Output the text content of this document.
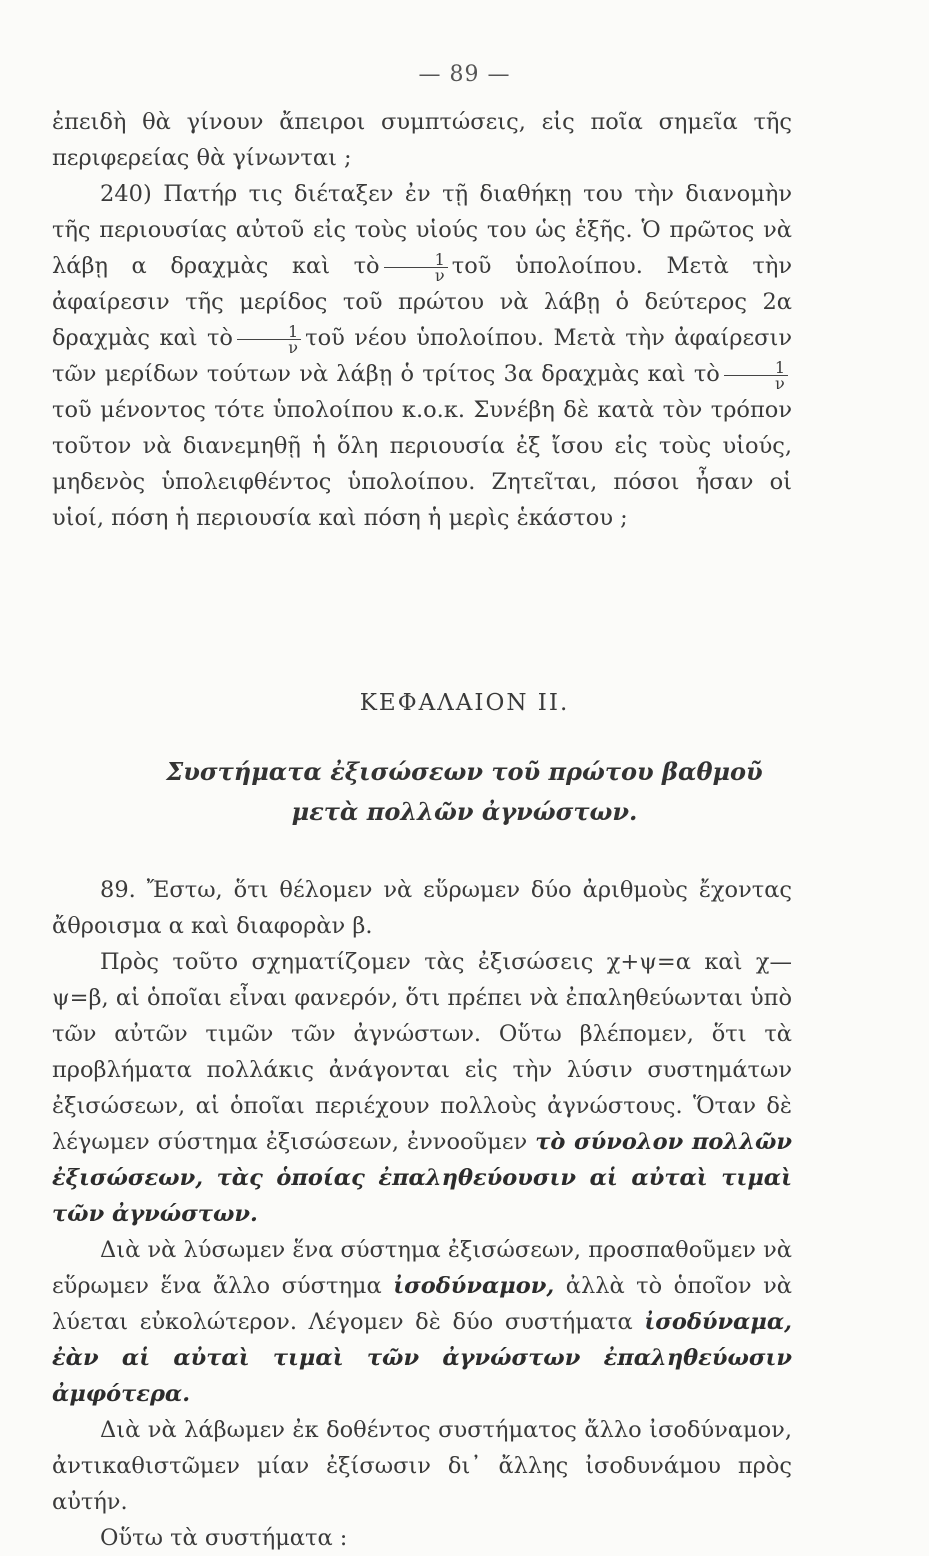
— 89 —

ἐπειδὴ θὰ γίνουν ἄπειροι συμπτώσεις, εἰς ποῖα σημεῖα τῆς περιφερείας θὰ γίνωνται ;

240) Πατήρ τις διέταξεν ἐν τῇ διαθήκῃ του τὴν διανομὴν τῆς περιουσίας αὐτοῦ εἰς τοὺς υἱούς του ὡς ἑξῆς. Ὁ πρῶτος νὰ λάβῃ α δραχμὰς καὶ τὸ $\frac{1}{\nu}$ τοῦ ὑπολοίπου. Μετὰ τὴν ἀφαίρεσιν τῆς μερίδος τοῦ πρώτου νὰ λάβῃ ὁ δεύτερος 2α δραχμὰς καὶ τὸ $\frac{1}{\nu}$ τοῦ νέου ὑπολοίπου. Μετὰ τὴν ἀφαίρεσιν τῶν μερίδων τούτων νὰ λάβῃ ὁ τρίτος 3α δραχμὰς καὶ τὸ $\frac{1}{\nu}$
τοῦ μένοντος τότε ὑπολοίπου κ.ο.κ. Συνέβη δὲ κατὰ τὸν τρόπον τοῦτον νὰ διανεμηθῇ ἡ ὅλη περιουσία ἐξ ἴσου εἰς τοὺς υἱούς, μηδενὸς ὑπολειφθέντος ὑπολοίπου. Ζητεῖται, πόσοι ἦσαν οἱ υἱοί, πόση ἡ περιουσία καὶ πόση ἡ μερὶς ἑκάστου ;

ΚΕΦΑΛΑΙΟΝ ΙΙ.
Συστήματα ἐξισώσεων τοῦ πρώτου βαθμοῦ
μετὰ πολλῶν ἀγνώστων.

89. Ἔστω, ὅτι θέλομεν νὰ εὕρωμεν δύο ἀριθμοὺς ἔχοντας ἄθροισμα α καὶ διαφορὰν β.

Πρὸς τοῦτο σχηματίζομεν τὰς ἐξισώσεις χ+ψ=α καὶ χ—ψ=β, αἱ ὁποῖαι εἶναι φανερόν, ὅτι πρέπει νὰ ἐπαληθεύωνται ὑπὸ τῶν αὐτῶν τιμῶν τῶν ἀγνώστων. Οὕτω βλέπομεν, ὅτι τὰ προβλήματα πολλάκις ἀνάγονται εἰς τὴν λύσιν συστημάτων ἐξισώσεων, αἱ ὁποῖαι περιέχουν πολλοὺς ἀγνώστους. Ὅταν δὲ λέγωμεν σύστημα ἐξισώσεων, ἐννοοῦμεν τὸ σύνολον πολλῶν ἐξισώσεων, τὰς ὁποίας ἐπαληθεύουσιν αἱ αὐταὶ τιμαὶ τῶν ἀγνώστων.

Διὰ νὰ λύσωμεν ἕνα σύστημα ἐξισώσεων, προσπαθοῦμεν νὰ εὕρωμεν ἕνα ἄλλο σύστημα ἰσοδύναμον, ἀλλὰ τὸ ὁποῖον νὰ λύεται εὐκολώτερον. Λέγομεν δὲ δύο συστήματα ἰσοδύναμα, ἐὰν αἱ αὐταὶ τιμαὶ τῶν ἀγνώστων ἐπαληθεύωσιν ἀμφότερα.

Διὰ νὰ λάβωμεν ἐκ δοθέντος συστήματος ἄλλο ἰσοδύναμον, ἀντικαθιστῶμεν μίαν ἐξίσωσιν δι᾽ ἄλλης ἰσοδυνάμου πρὸς αὐτήν.

Οὕτω τὰ συστήματα :
